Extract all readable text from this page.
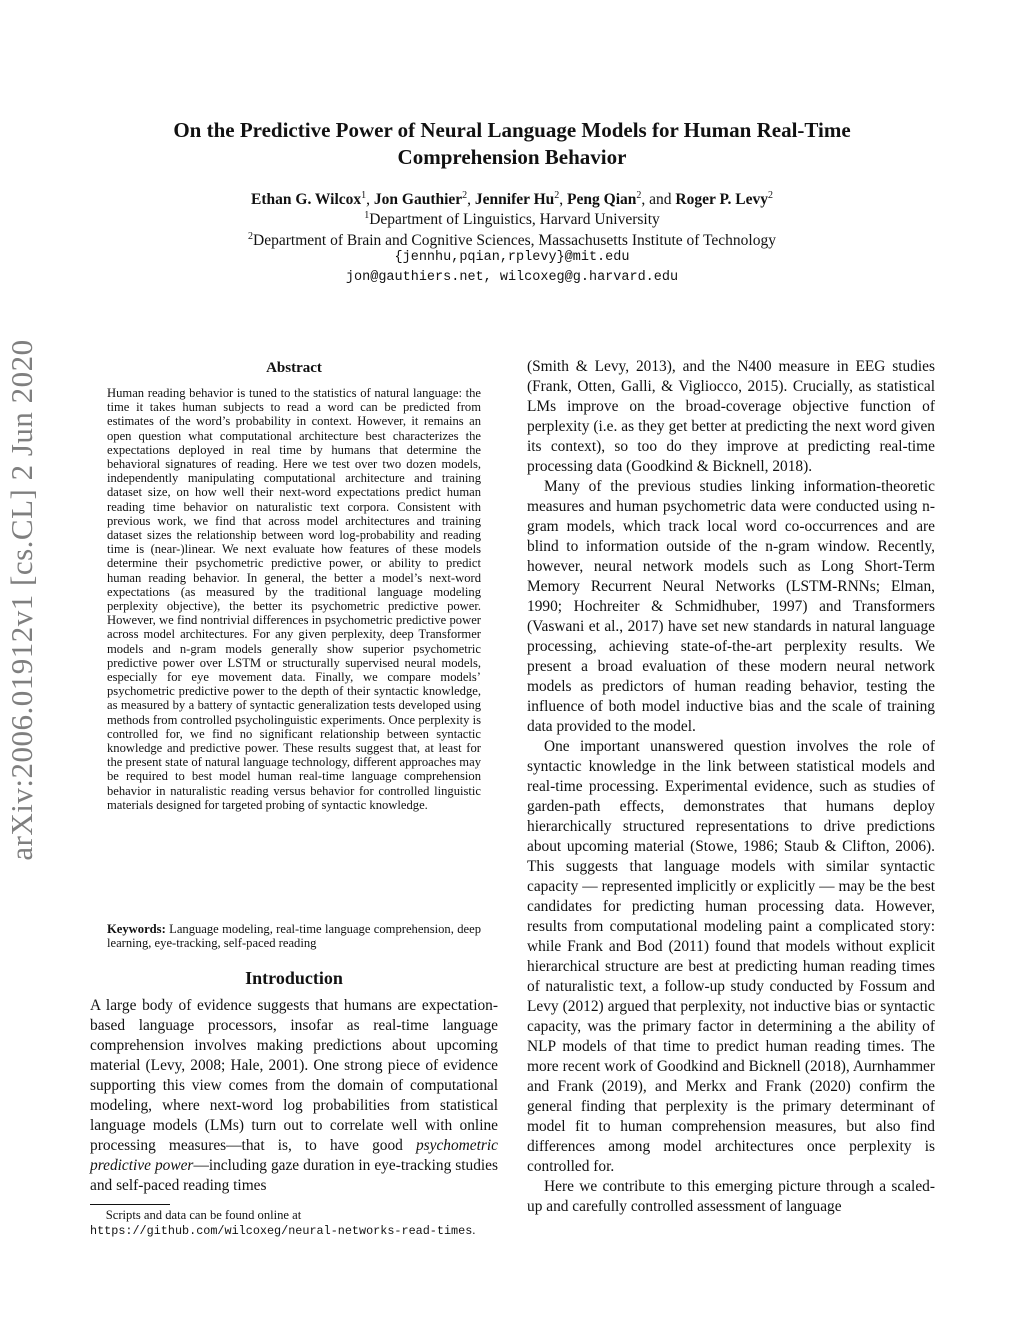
arXiv:2006.01912v1 [cs.CL] 2 Jun 2020
On the Predictive Power of Neural Language Models for Human Real-Time
Comprehension Behavior
Ethan G. Wilcox$^1$, Jon Gauthier$^2$, Jennifer Hu$^2$, Peng Qian$^2$, and Roger P. Levy$^2$
$^1$Department of Linguistics, Harvard University
$^2$Department of Brain and Cognitive Sciences, Massachusetts Institute of Technology
{jennhu,pqian,rplevy}@mit.edu
jon@gauthiers.net, wilcoxeg@g.harvard.edu
Abstract
Human reading behavior is tuned to the statistics of natural language: the time it takes human subjects to read a word can be predicted from estimates of the word’s probability in context. However, it remains an open question what computational architecture best characterizes the expectations deployed in real time by humans that determine the behavioral signatures of reading. Here we test over two dozen models, independently manipulating computational architecture and training dataset size, on how well their next-word expectations predict human reading time behavior on naturalistic text corpora. Consistent with previous work, we find that across model architectures and training dataset sizes the relationship between word log-probability and reading time is (near-)linear. We next evaluate how features of these models determine their psychometric predictive power, or ability to predict human reading behavior. In general, the better a model’s next-word expectations (as measured by the traditional language modeling perplexity objective), the better its psychometric predictive power. However, we find nontrivial differences in psychometric predictive power across model architectures. For any given perplexity, deep Transformer models and n-gram models generally show superior psychometric predictive power over LSTM or structurally supervised neural models, especially for eye movement data. Finally, we compare models’ psychometric predictive power to the depth of their syntactic knowledge, as measured by a battery of syntactic generalization tests developed using methods from controlled psycholinguistic experiments. Once perplexity is controlled for, we find no significant relationship between syntactic knowledge and predictive power. These results suggest that, at least for the present state of natural language technology, different approaches may be required to best model human real-time language comprehension behavior in naturalistic reading versus behavior for controlled linguistic materials designed for targeted probing of syntactic knowledge.
Keywords: Language modeling, real-time language comprehension, deep learning, eye-tracking, self-paced reading
Introduction
A large body of evidence suggests that humans are expectation-based language processors, insofar as real-time language comprehension involves making predictions about upcoming material (Levy, 2008; Hale, 2001). One strong piece of evidence supporting this view comes from the domain of computational modeling, where next-word log probabilities from statistical language models (LMs) turn out to correlate well with online processing measures—that is, to have good psychometric predictive power—including gaze duration in eye-tracking studies and self-paced reading times
Scripts and data can be found online at https://github.com/wilcoxeg/neural-networks-read-times.

(Smith & Levy, 2013), and the N400 measure in EEG studies (Frank, Otten, Galli, & Vigliocco, 2015). Crucially, as statistical LMs improve on the broad-coverage objective function of perplexity (i.e. as they get better at predicting the next word given its context), so too do they improve at predicting real-time processing data (Goodkind & Bicknell, 2018).

Many of the previous studies linking information-theoretic measures and human psychometric data were conducted using n-gram models, which track local word co-occurrences and are blind to information outside of the n-gram window. Recently, however, neural network models such as Long Short-Term Memory Recurrent Neural Networks (LSTM-RNNs; Elman, 1990; Hochreiter & Schmidhuber, 1997) and Transformers (Vaswani et al., 2017) have set new standards in natural language processing, achieving state-of-the-art perplexity results. We present a broad evaluation of these modern neural network models as predictors of human reading behavior, testing the influence of both model inductive bias and the scale of training data provided to the model.

One important unanswered question involves the role of syntactic knowledge in the link between statistical models and real-time processing. Experimental evidence, such as studies of garden-path effects, demonstrates that humans deploy hierarchically structured representations to drive predictions about upcoming material (Stowe, 1986; Staub & Clifton, 2006). This suggests that language models with similar syntactic capacity — represented implicitly or explicitly — may be the best candidates for predicting human processing data. However, results from computational modeling paint a complicated story: while Frank and Bod (2011) found that models without explicit hierarchical structure are best at predicting human reading times of naturalistic text, a follow-up study conducted by Fossum and Levy (2012) argued that perplexity, not inductive bias or syntactic capacity, was the primary factor in determining a the ability of NLP models of that time to predict human reading times. The more recent work of Goodkind and Bicknell (2018), Aurnhammer and Frank (2019), and Merkx and Frank (2020) confirm the general finding that perplexity is the primary determinant of model fit to human comprehension measures, but also find differences among model architectures once perplexity is controlled for.

Here we contribute to this emerging picture through a scaled-up and carefully controlled assessment of language
